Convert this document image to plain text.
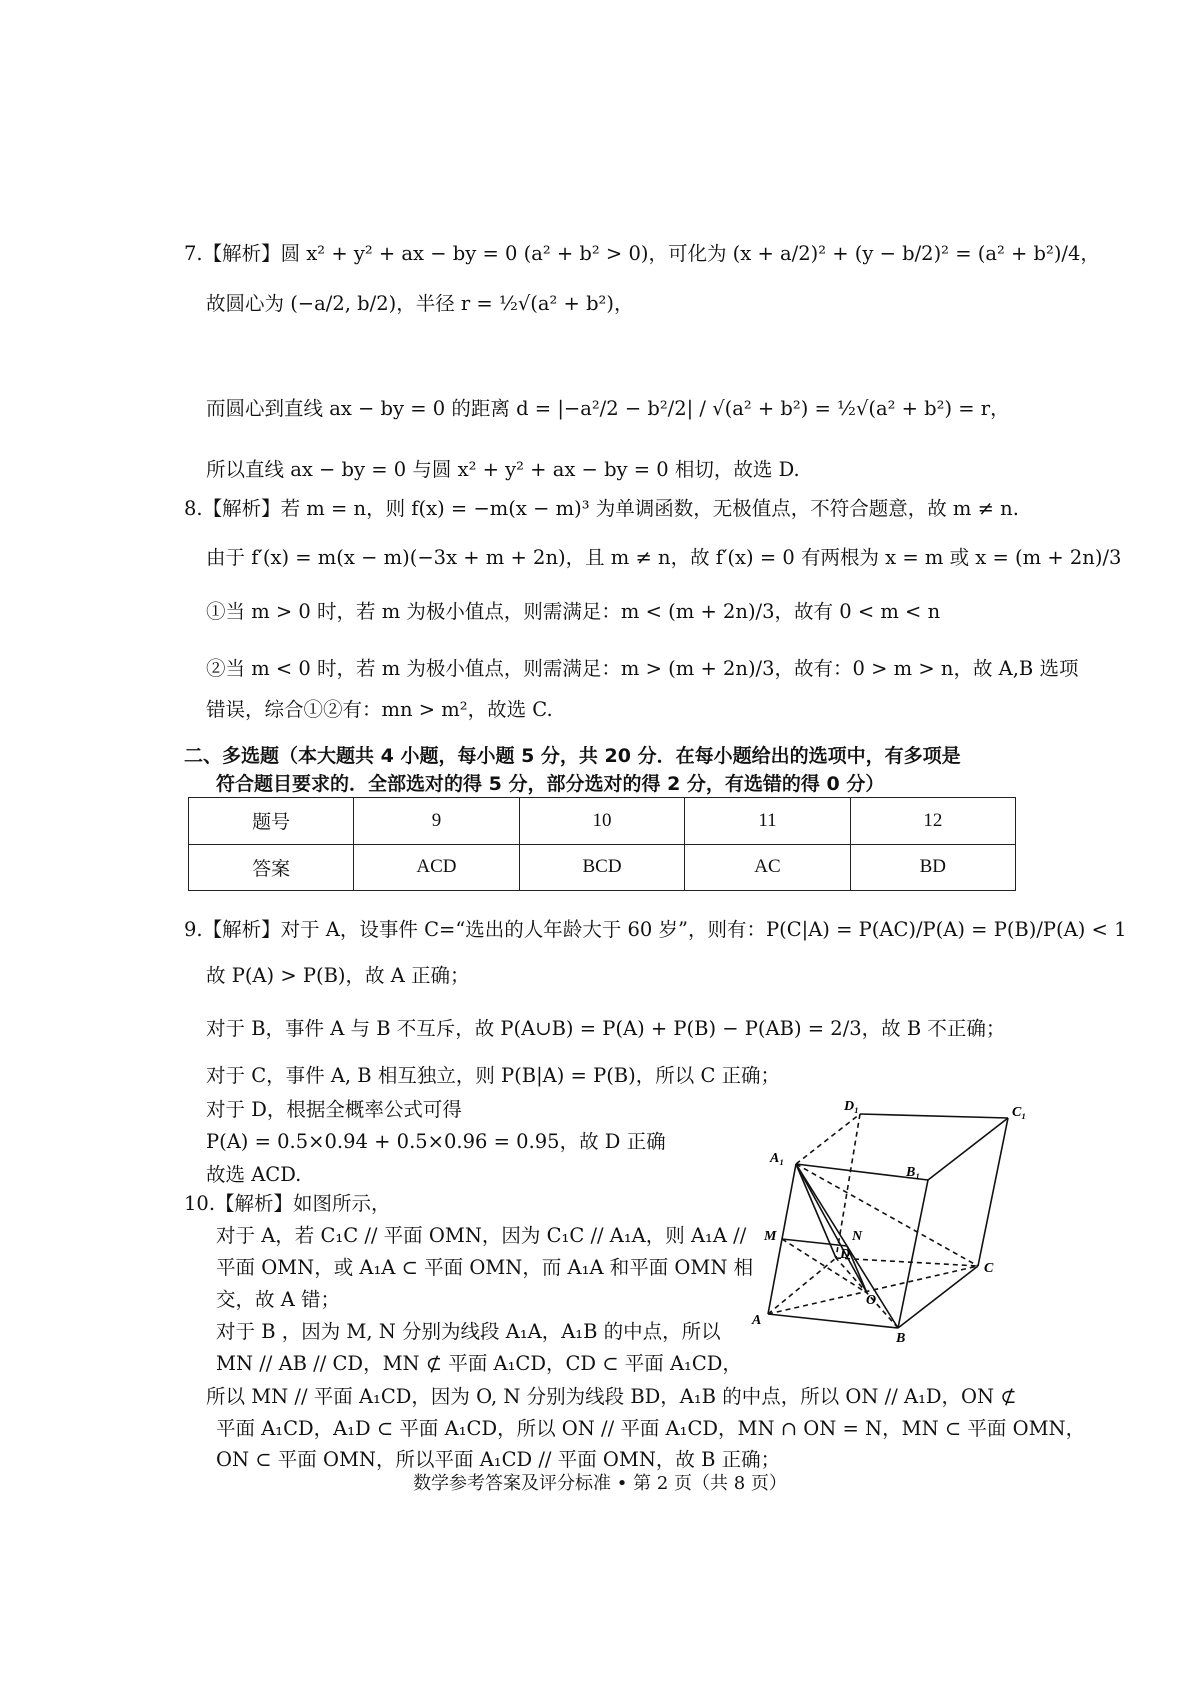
7.【解析】圆 x² + y² + ax − by = 0 (a² + b² > 0)，可化为 (x + a/2)² + (y − b/2)² = (a² + b²)/4，
故圆心为 (−a/2, b/2)，半径 r = ½√(a² + b²)，
而圆心到直线 ax − by = 0 的距离 d = |−a²/2 − b²/2| / √(a² + b²) = ½√(a² + b²) = r，
所以直线 ax − by = 0 与圆 x² + y² + ax − by = 0 相切，故选 D.
8.【解析】若 m = n，则 f(x) = −m(x − m)³ 为单调函数，无极值点，不符合题意，故 m ≠ n.
由于 f′(x) = m(x − m)(−3x + m + 2n)，且 m ≠ n，故 f′(x) = 0 有两根为 x = m 或 x = (m + 2n)/3
①当 m > 0 时，若 m 为极小值点，则需满足：m < (m + 2n)/3，故有 0 < m < n
②当 m < 0 时，若 m 为极小值点，则需满足：m > (m + 2n)/3，故有：0 > m > n，故 A,B 选项
错误，综合①②有：mn > m²，故选 C.
二、多选题（本大题共 4 小题，每小题 5 分，共 20 分．在每小题给出的选项中，有多项是
符合题目要求的．全部选对的得 5 分，部分选对的得 2 分，有选错的得 0 分）
题号	9	10	11	12
答案	ACD	BCD	AC	BD
9.【解析】对于 A，设事件 C=“选出的人年龄大于 60 岁”，则有：P(C|A) = P(AC)/P(A) = P(B)/P(A) < 1
故 P(A) > P(B)，故 A 正确；
对于 B，事件 A 与 B 不互斥，故 P(A∪B) = P(A) + P(B) − P(AB) = 2/3，故 B 不正确；
对于 C，事件 A, B 相互独立，则 P(B|A) = P(B)，所以 C 正确；
对于 D，根据全概率公式可得
P(A) = 0.5×0.94 + 0.5×0.96 = 0.95，故 D 正确
故选 ACD.
10.【解析】如图所示，
对于 A，若 C₁C // 平面 OMN，因为 C₁C // A₁A，则 A₁A //
平面 OMN，或 A₁A ⊂ 平面 OMN，而 A₁A 和平面 OMN 相
交，故 A 错；
对于 B ，因为 M, N 分别为线段 A₁A，A₁B 的中点，所以
MN // AB // CD，MN ⊄ 平面 A₁CD，CD ⊂ 平面 A₁CD，
所以 MN // 平面 A₁CD，因为 O, N 分别为线段 BD，A₁B 的中点，所以 ON // A₁D，ON ⊄
平面 A₁CD，A₁D ⊂ 平面 A₁CD，所以 ON // 平面 A₁CD，MN ∩ ON = N，MN ⊂ 平面 OMN，
ON ⊂ 平面 OMN，所以平面 A₁CD // 平面 OMN，故 B 正确；
D₁	C₁
A₁
B₁
M	N
D
C
O
A
B
数学参考答案及评分标准 • 第 2 页（共 8 页）
